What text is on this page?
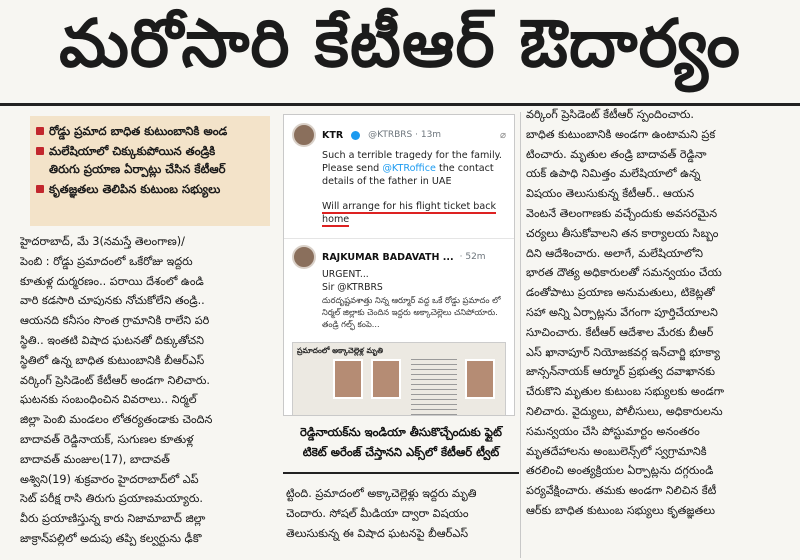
మరోసారి కేటీఆర్ ఔదార్యం
రోడ్డు ప్రమాద బాధిత కుటుంబానికి అండ
మలేషియాలో చిక్కుకుపోయిన తండ్రికి
తిరుగు ప్రయాణ ఏర్పాట్లు చేసిన కేటీఆర్
కృతజ్ఞతలు తెలిపిన కుటుంబ సభ్యులు

హైదరాబాద్, మే 3(నమస్తే తెలంగాణ)/

పెంబి : రోడ్డు ప్రమాదంలో ఒకేరోజు ఇద్దరు

కూతుళ్ల దుర్మరణం.. పరాయి దేశంలో ఉండి

వారి కడసారి చూపునకు నోచుకోలేని తండ్రి..

ఆయనది కనీసం సొంత గ్రామానికి రాలేని పరి

స్థితి.. ఇంతటి విషాద ఘటనతో దిక్కుతోచని

స్థితిలో ఉన్న బాధిత కుటుంబానికి బీఆర్ఎస్

వర్కింగ్ ప్రెసిడెంట్ కేటీఆర్ అండగా నిలిచారు.

ఘటనకు సంబంధించిన వివరాలు.. నిర్మల్

జిల్లా పెంబి మండలం లోతర్యతండాకు చెందిన

బాదావత్ రెడ్డినాయక్, సుగుణల కూతుళ్ల

బాదావత్ మంజుల(17), బాదావత్

అశ్విని(19) శుక్రవారం హైదరాబాద్‌లో ఎప్

సెట్ పరీక్ష రాసి తిరుగు ప్రయాణమయ్యారు.

వీరు ప్రయాణిస్తున్న కారు నిజామాబాద్ జిల్లా

జాక్రాన్‌పల్లిలో అదుపు తప్పి కల్వర్టును ఢీకొ

KTR	@KTRBRS · 13m	⌀

Such a terrible tragedy for the family. Please send @KTRoffice the contact details of the father in UAE

Will arrange for his flight ticket back home

RAJKUMAR BADAVATH ... · 52m
URGENT...
Sir @KTRBRS
దురదృష్టవశాత్తు నిన్న ఆర్మూర్ వద్ద ఒకే రోడ్డు ప్రమాదం లో నిర్మల్ జిల్లాకు చెందిన ఇద్దరు అక్కాచెల్లెలు చనిపోయారు. తండ్రి గల్ఫ్ కంపె...
ప్రమాదంలో అక్కాచెల్లెళ్ల మృతి
రెడ్డినాయక్‌ను ఇండియా తీసుకొచ్చేందుకు ఫ్లైట్
టికెట్ అరేంజ్ చేస్తానని ఎక్స్‌లో కేటీఆర్ ట్వీట్

ట్టింది. ప్రమాదంలో అక్కాచెల్లెళ్లు ఇద్దరు మృతి

చెందారు. సోషల్ మీడియా ద్వారా విషయం

తెలుసుకున్న ఈ విషాద ఘటనపై బీఆర్ఎస్

వర్కింగ్ ప్రెసిడెంట్ కేటీఆర్ స్పందించారు.

బాధిత కుటుంబానికి అండగా ఉంటామని ప్రక

టించారు. మృతుల తండ్రి బాదావత్ రెడ్డినా

యక్ ఉపాధి నిమిత్తం మలేషియాలో ఉన్న

విషయం తెలుసుకున్న కేటీఆర్.. ఆయన

వెంటనే తెలంగాణకు వచ్చేందుకు అవసరమైన

చర్యలు తీసుకోవాలని తన కార్యాలయ సిబ్బం

దిని ఆదేశించారు. అలాగే, మలేషియాలోని

భారత దౌత్య అధికారులతో సమన్వయం చేయ

డంతోపాటు ప్రయాణ అనుమతులు, టికెట్లతో

సహా అన్ని ఏర్పాట్లను వేగంగా పూర్తిచేయాలని

సూచించారు. కేటీఆర్ ఆదేశాల మేరకు బీఆర్

ఎస్ ఖానాపూర్ నియోజకవర్గ ఇన్‌చార్జి భూక్యా

జాన్సన్‌నాయక్ ఆర్మూర్ ప్రభుత్వ దవాఖానకు

చేరుకొని మృతుల కుటుంబ సభ్యులకు అండగా

నిలిచారు. వైద్యులు, పోలీసులు, అధికారులను

సమన్వయం చేసి పోస్టుమార్టం అనంతరం

మృతదేహాలను అంబులెన్స్‌లో స్వగ్రామానికి

తరలించి అంత్యక్రియల ఏర్పాట్లను దగ్గరుండి

పర్యవేక్షించారు. తమకు అండగా నిలిచిన కేటీ

ఆర్‌కు బాధిత కుటుంబ సభ్యులు కృతజ్ఞతలు
